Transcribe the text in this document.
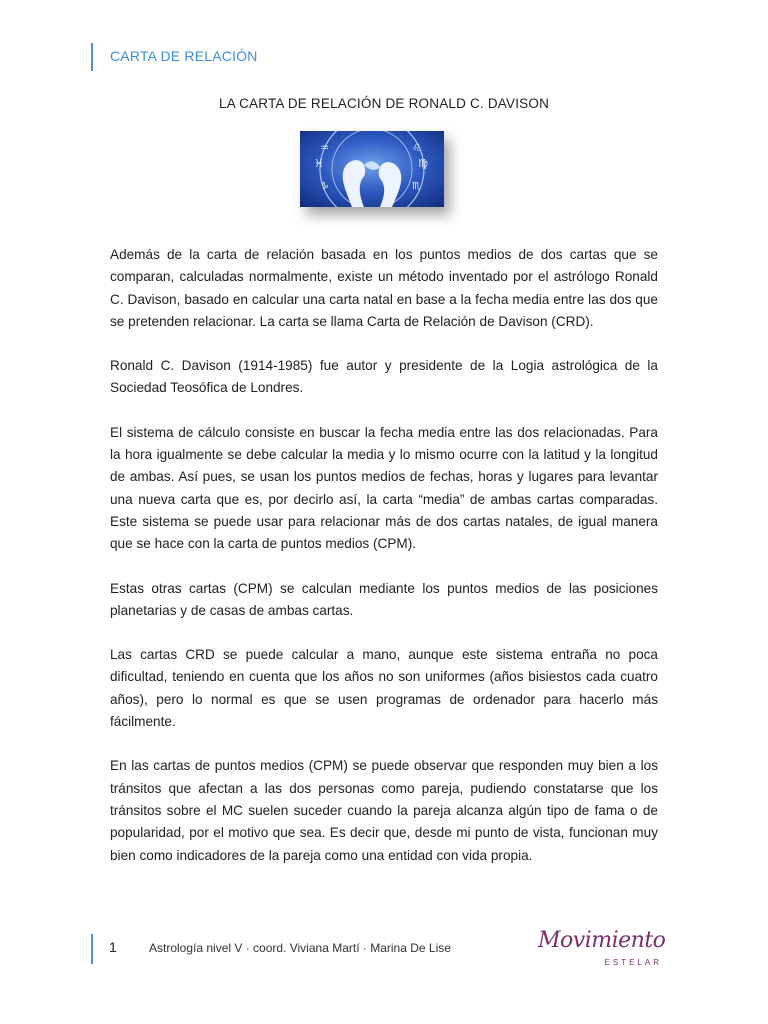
CARTA DE RELACIÓN
LA CARTA DE RELACIÓN DE RONALD C. DAVISON
♓
♒
♑
♍
♌
♏

Además de la carta de relación basada en los puntos medios de dos cartas que se comparan, calculadas normalmente, existe un método inventado por el astrólogo Ronald C. Davison, basado en calcular una carta natal en base a la fecha media entre las dos que se pretenden relacionar. La carta se llama Carta de Relación de Davison (CRD).

Ronald C. Davison (1914-1985) fue autor y presidente de la Logia astrológica de la Sociedad Teosófica de Londres.

El sistema de cálculo consiste en buscar la fecha media entre las dos relacionadas. Para la hora igualmente se debe calcular la media y lo mismo ocurre con la latitud y la longitud de ambas. Así pues, se usan los puntos medios de fechas, horas y lugares para levantar una nueva carta que es, por decirlo así, la carta “media” de ambas cartas comparadas. Este sistema se puede usar para relacionar más de dos cartas natales, de igual manera que se hace con la carta de puntos medios (CPM).

Estas otras cartas (CPM) se calculan mediante los puntos medios de las posiciones planetarias y de casas de ambas cartas.

Las cartas CRD se puede calcular a mano, aunque este sistema entraña no poca dificultad, teniendo en cuenta que los años no son uniformes (años bisiestos cada cuatro años), pero lo normal es que se usen programas de ordenador para hacerlo más fácilmente.

En las cartas de puntos medios (CPM) se puede observar que responden muy bien a los tránsitos que afectan a las dos personas como pareja, pudiendo constatarse que los tránsitos sobre el MC suelen suceder cuando la pareja alcanza algún tipo de fama o de popularidad, por el motivo que sea. Es decir que, desde mi punto de vista, funcionan muy bien como indicadores de la pareja como una entidad con vida propia.

1	Astrología nivel V · coord. Viviana Martí · Marina De Lise	Movimiento
ESTELAR
